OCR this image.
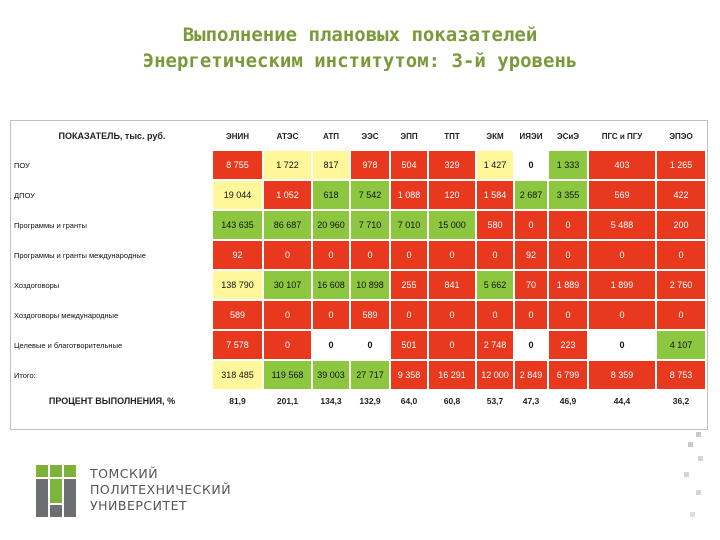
Выполнение плановых показателей
Энергетическим институтом: 3-й уровень
ПОКАЗАТЕЛЬ, тыс. руб.	ЭНИН	АТЭС	АТП	ЭЭС	ЭПП	ТПТ	ЭКМ	ИЯЭИ	ЭСиЭ	ПГС и ПГУ	ЭПЭО
ПОУ	8 755	1 722	817	978	504	329	1 427	0	1 333	403	1 265
ДПОУ	19 044	1 052	618	7 542	1 088	120	1 584	2 687	3 355	569	422
Программы и гранты	143 635	86 687	20 960	7 710	7 010	15 000	580	0	0	5 488	200
Программы и гранты международные	92	0	0	0	0	0	0	92	0	0	0
Хоздоговоры	138 790	30 107	16 608	10 898	255	841	5 662	70	1 889	1 899	2 760
Хоздоговоры международные	589	0	0	589	0	0	0	0	0	0	0
Целевые и благотворительные	7 578	0	0	0	501	0	2 748	0	223	0	4 107
Итого:	318 485	119 568	39 003	27 717	9 358	16 291	12 000	2 849	6 799	8 359	8 753
ПРОЦЕНТ ВЫПОЛНЕНИЯ, %	81,9	201,1	134,3	132,9	64,0	60,8	53,7	47,3	46,9	44,4	36,2
ТОМСКИЙ
ПОЛИТЕХНИЧЕСКИЙ
УНИВЕРСИТЕТ
